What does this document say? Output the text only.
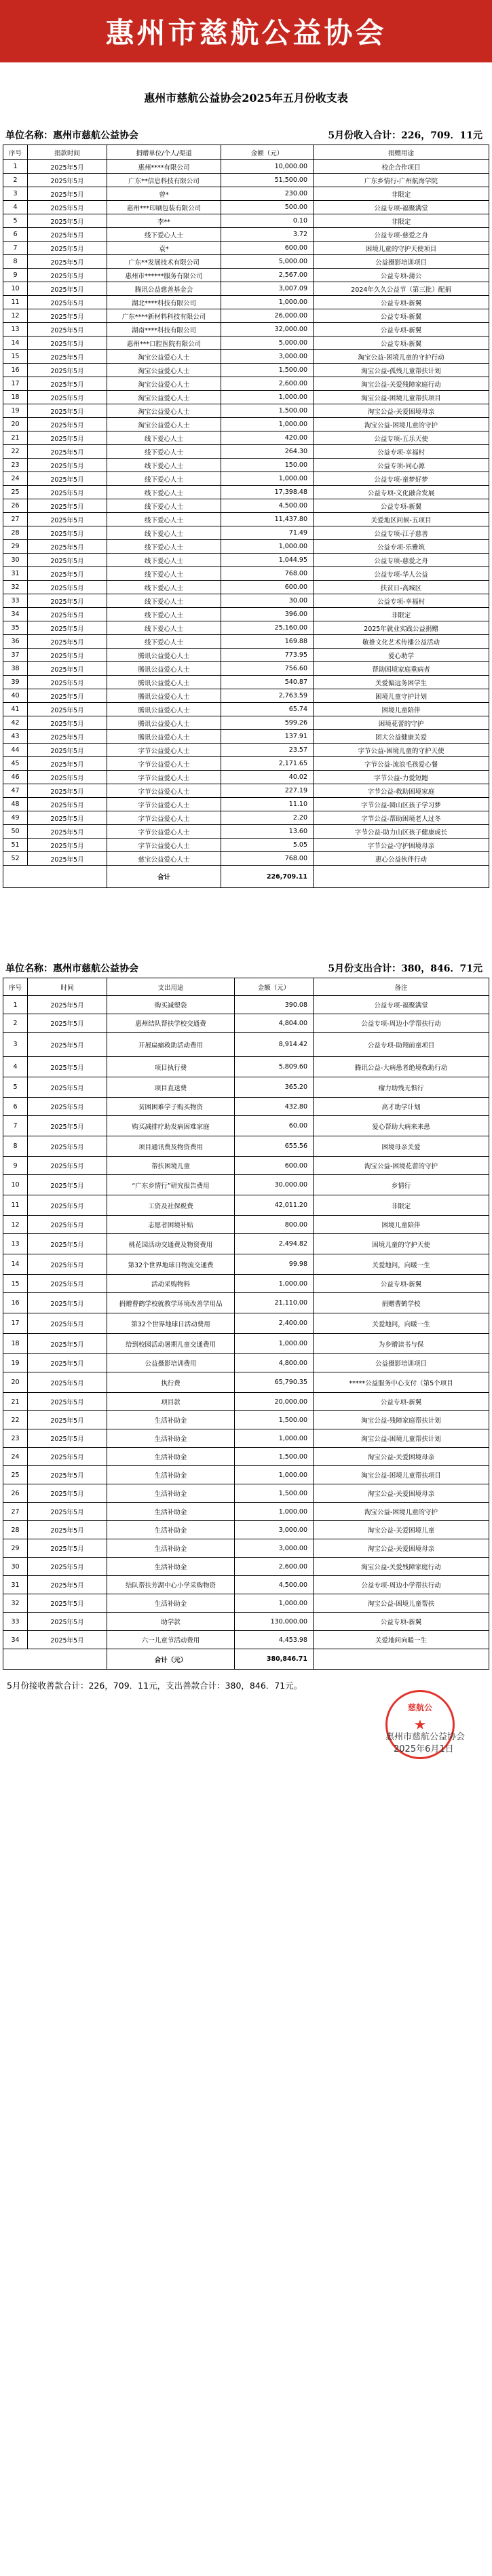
惠州市慈航公益协会
惠州市慈航公益协会2025年五月份收支表
单位名称：惠州市慈航公益协会	5月份收入合计：226，709．11元
序号	捐款时间	捐赠单位/个人/渠道	金额（元）	捐赠用途
1	2025年5月	惠州****有限公司	10,000.00	校企合作项目
2	2025年5月	广东**信息科技有限公司	51,500.00	广东乡情行-广州航海学院
3	2025年5月	曾*	230.00	非限定
4	2025年5月	惠州***印刷包装有限公司	500.00	公益专项-福聚满堂
5	2025年5月	李**	0.10	非限定
6	2025年5月	线下爱心人士	3.72	公益专项-慈爱之舟
7	2025年5月	袁*	600.00	困境儿童的守护天使项目
8	2025年5月	广东**发展技术有限公司	5,000.00	公益摄影培训项目
9	2025年5月	惠州市******服务有限公司	2,567.00	公益专项-蒲公
10	2025年5月	腾讯公益慈善基金会	3,007.09	2024年久久公益节（第三批）配捐
11	2025年5月	湖北****科技有限公司	1,000.00	公益专项-新翼
12	2025年5月	广东****新材料科技有限公司	26,000.00	公益专项-新翼
13	2025年5月	湖南****科技有限公司	32,000.00	公益专项-新翼
14	2025年5月	惠州***口腔医院有限公司	5,000.00	公益专项-新翼
15	2025年5月	淘宝公益爱心人士	3,000.00	淘宝公益-困境儿童的守护行动
16	2025年5月	淘宝公益爱心人士	1,500.00	淘宝公益-孤残儿童帮扶计划
17	2025年5月	淘宝公益爱心人士	2,600.00	淘宝公益-关爱残障家庭行动
18	2025年5月	淘宝公益爱心人士	1,000.00	淘宝公益-困境儿童帮扶项目
19	2025年5月	淘宝公益爱心人士	1,500.00	淘宝公益-关爱困境母亲
20	2025年5月	淘宝公益爱心人士	1,000.00	淘宝公益-困境儿童的守护
21	2025年5月	线下爱心人士	420.00	公益专项-五乐天使
22	2025年5月	线下爱心人士	264.30	公益专项-幸福村
23	2025年5月	线下爱心人士	150.00	公益专项-同心源
24	2025年5月	线下爱心人士	1,000.00	公益专项-童梦好梦
25	2025年5月	线下爱心人士	17,398.48	公益专项-文化融合发展
26	2025年5月	线下爱心人士	4,500.00	公益专项-新翼
27	2025年5月	线下爱心人士	11,437.80	关爱地区问候-五项目
28	2025年5月	线下爱心人士	71.49	公益专项-江子慈善
29	2025年5月	线下爱心人士	1,000.00	公益专项-乐雅筑
30	2025年5月	线下爱心人士	1,044.95	公益专项-慈爱之舟
31	2025年5月	线下爱心人士	768.00	公益专项-华人公益
32	2025年5月	线下爱心人士	600.00	扶贫日-高城区
33	2025年5月	线下爱心人士	30.00	公益专项-幸福村
34	2025年5月	线下爱心人士	396.00	非限定
35	2025年5月	线下爱心人士	25,160.00	2025年就业实践公益捐赠
36	2025年5月	线下爱心人士	169.88	敬推文化艺术传播公益活动
37	2025年5月	腾讯公益爱心人士	773.95	爱心助学
38	2025年5月	腾讯公益爱心人士	756.60	帮助困境家庭重病者
39	2025年5月	腾讯公益爱心人士	540.87	关爱偏远务困学生
40	2025年5月	腾讯公益爱心人士	2,763.59	困境儿童守护计划
41	2025年5月	腾讯公益爱心人士	65.74	困境儿童陪伴
42	2025年5月	腾讯公益爱心人士	599.26	困境花蕾的守护
43	2025年5月	腾讯公益爱心人士	137.91	团大公益健康关爱
44	2025年5月	字节公益爱心人士	23.57	字节公益-困境儿童的守护天使
45	2025年5月	字节公益爱心人士	2,171.65	字节公益-流浪毛孩爱心餐
46	2025年5月	字节公益爱心人士	40.02	字节公益-力爱短跑
47	2025年5月	字节公益爱心人士	227.19	字节公益-救助困境家庭
48	2025年5月	字节公益爱心人士	11.10	字节公益-圆山区孩子学习梦
49	2025年5月	字节公益爱心人士	2.20	字节公益-帮助困境老人过冬
50	2025年5月	字节公益爱心人士	13.60	字节公益-助力山区孩子健康成长
51	2025年5月	字节公益爱心人士	5.05	字节公益-守护困境母亲
52	2025年5月	慈宝公益爱心人士	768.00	惠心公益伙伴行动
		合计	226,709.11	
单位名称：惠州市慈航公益协会	5月份支出合计：380，846．71元
序号	时间	支出用途	金额（元）	备注
1	2025年5月	购买减塑袋	390.08	公益专项-福聚满堂
2	2025年5月	惠州结队帮扶学校交通费	4,804.00	公益专项-周边小学帮扶行动
3	2025年5月	开展扁瘤救助活动费用	8,914.42	公益专项-助翔前童项目
4	2025年5月	项目执行费	5,809.60	腾讯公益-大病患者绝境救助行动
5	2025年5月	项目直送费	365.20	瘤力助残无惧行
6	2025年5月	贫困困难学子购买物资	432.80	高才助学计划
7	2025年5月	购买减排疗助发病困难家庭	60.00	爱心帮助大病来来患
8	2025年5月	项目通讯费及物资费用	655.56	困境母亲关爱
9	2025年5月	帮扶困境儿童	600.00	淘宝公益-困境花蕾的守护
10	2025年5月	“广东乡情行”研究报告费用	30,000.00	乡情行
11	2025年5月	工资及社保税费	42,011.20	非限定
12	2025年5月	志愿者困境补贴	800.00	困境儿童陪伴
13	2025年5月	桃花园活动交通费及物资费用	2,494.82	困境儿童的守护天使
14	2025年5月	第32个世界地球日物流交通费	99.98	关爱地问，向暖一生
15	2025年5月	活动采购物料	1,000.00	公益专项-新翼
16	2025年5月	捐赠曹鹤学校就教学环境改善学用品	21,110.00	捐赠曹鹤学校
17	2025年5月	第32个世界地球日活动费用	2,400.00	关爱地问，向暖一生
18	2025年5月	给到校园活动暑期儿童交通费用	1,000.00	为乡赠读书与保
19	2025年5月	公益摄影培训费用	4,800.00	公益摄影培训项目
20	2025年5月	执行费	65,790.35	*****公益服务中心支付（第5个项目
21	2025年5月	项目款	20,000.00	公益专项-新翼
22	2025年5月	生活补助金	1,500.00	淘宝公益-残障家庭帮扶计划
23	2025年5月	生活补助金	1,000.00	淘宝公益-困境儿童帮扶计划
24	2025年5月	生活补助金	1,500.00	淘宝公益-关爱困境母亲
25	2025年5月	生活补助金	1,000.00	淘宝公益-困境儿童帮扶项目
26	2025年5月	生活补助金	1,500.00	淘宝公益-关爱困境母亲
27	2025年5月	生活补助金	1,000.00	淘宝公益-困境儿童的守护
28	2025年5月	生活补助金	3,000.00	淘宝公益-关爱困境儿童
29	2025年5月	生活补助金	3,000.00	淘宝公益-关爱困境母亲
30	2025年5月	生活补助金	2,600.00	淘宝公益-关爱残障家庭行动
31	2025年5月	结队帮扶芳湖中心小学采购物资	4,500.00	公益专项-周边小学帮扶行动
32	2025年5月	生活补助金	1,000.00	淘宝公益-困境儿童帮扶
33	2025年5月	助学款	130,000.00	公益专项-新翼
34	2025年5月	六一儿童节活动费用	4,453.98	关爱地问向暖一生
		合计（元）	380,846.71	
5月份接收善款合计：226，709．11元，支出善款合计：380，846．71元。
慈航公
★
惠州市慈航公益协会
2025年6月1日
